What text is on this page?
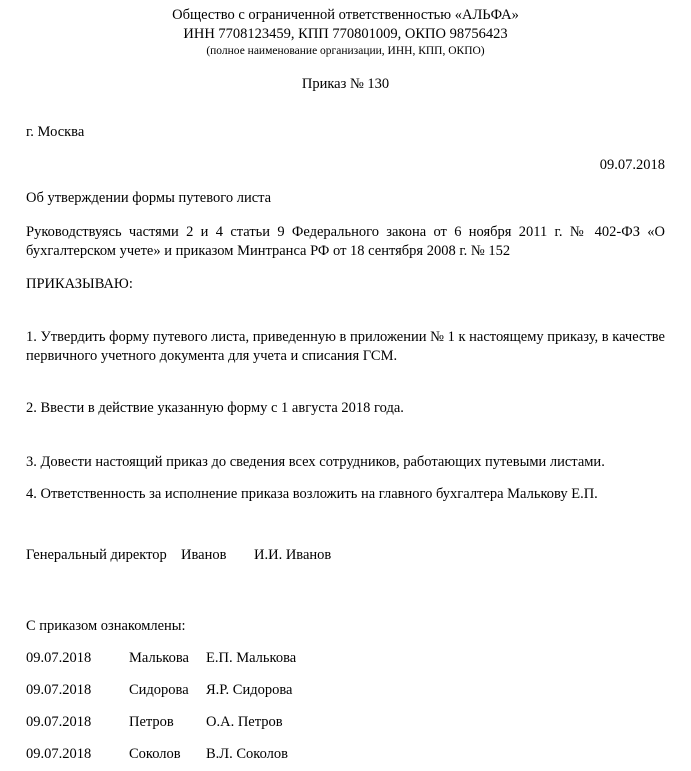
Общество с ограниченной ответственностью «АЛЬФА»
ИНН 7708123459, КПП 770801009, ОКПО 98756423
(полное наименование организации, ИНН, КПП, ОКПО)
Приказ № 130
г. Москва
09.07.2018
Об утверждении формы путевого листа
Руководствуясь частями 2 и 4 статьи 9 Федерального закона от 6 ноября 2011 г. № 402-ФЗ «О бухгалтерском учете» и приказом Минтранса РФ от 18 сентября 2008 г. № 152
ПРИКАЗЫВАЮ:
1. Утвердить форму путевого листа, приведенную в приложении № 1 к настоящему приказу, в качестве первичного учетного документа для учета и списания ГСМ.
2. Ввести в действие указанную форму с 1 августа 2018 года.
3. Довести настоящий приказ до сведения всех сотрудников, работающих путевыми листами.
4. Ответственность за исполнение приказа возложить на главного бухгалтера Малькову Е.П.
Генеральный директор Иванов	И.И. Иванов
С приказом ознакомлены:
09.07.2018	Малькова	Е.П. Малькова
09.07.2018	Сидорова	Я.Р. Сидорова
09.07.2018	Петров	О.А. Петров
09.07.2018	Соколов	В.Л. Соколов
